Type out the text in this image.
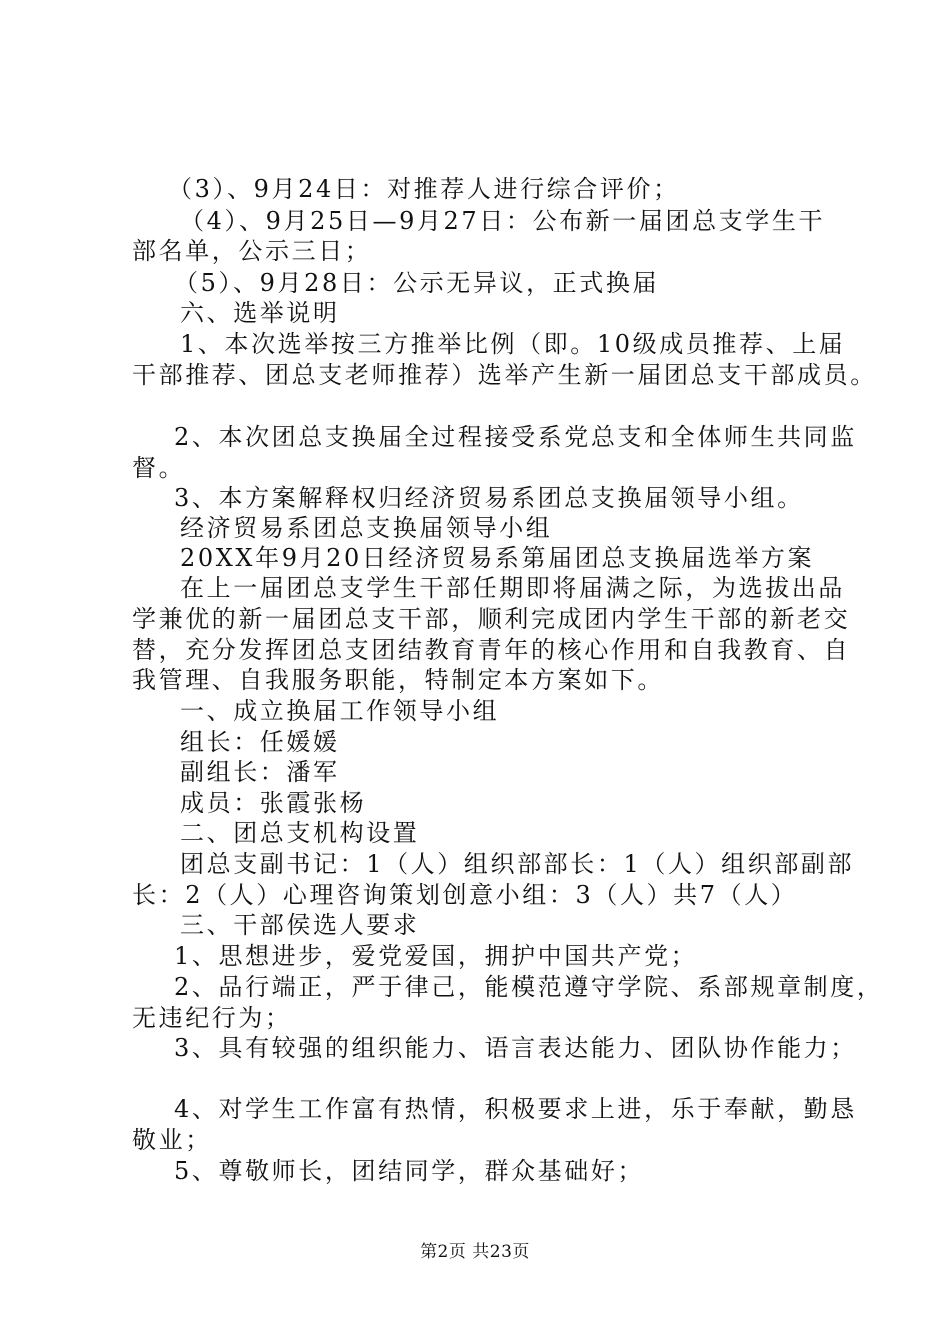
（3）、9月24日：对推荐人进行综合评价；
（4）、9月25日—9月27日：公布新一届团总支学生干
部名单，公示三日；
（5）、9月28日：公示无异议，正式换届
六、选举说明
1、本次选举按三方推举比例（即。10级成员推荐、上届
干部推荐、团总支老师推荐）选举产生新一届团总支干部成员。
2、本次团总支换届全过程接受系党总支和全体师生共同监
督。
3、本方案解释权归经济贸易系团总支换届领导小组。
经济贸易系团总支换届领导小组
20XX年9月20日经济贸易系第届团总支换届选举方案
在上一届团总支学生干部任期即将届满之际，为选拔出品
学兼优的新一届团总支干部，顺利完成团内学生干部的新老交
替，充分发挥团总支团结教育青年的核心作用和自我教育、自
我管理、自我服务职能，特制定本方案如下。
一、成立换届工作领导小组
组长：任媛媛
副组长：潘军
成员：张霞张杨
二、团总支机构设置
团总支副书记：1（人）组织部部长：1（人）组织部副部
长：2（人）心理咨询策划创意小组：3（人）共7（人）
三、干部侯选人要求
1、思想进步，爱党爱国，拥护中国共产党；
2、品行端正，严于律己，能模范遵守学院、系部规章制度，
无违纪行为；
3、具有较强的组织能力、语言表达能力、团队协作能力；
4、对学生工作富有热情，积极要求上进，乐于奉献，勤恳
敬业；
5、尊敬师长，团结同学，群众基础好；
第2页 共23页
